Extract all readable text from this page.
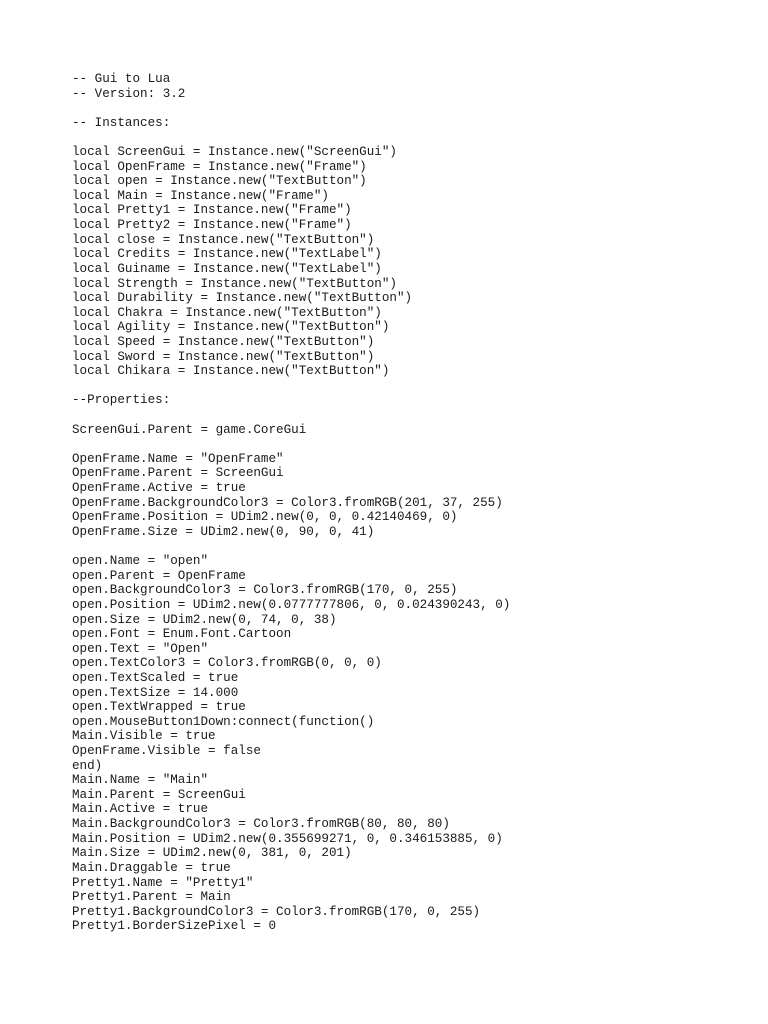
-- Gui to Lua
-- Version: 3.2
-- Instances:
local ScreenGui = Instance.new("ScreenGui")
local OpenFrame = Instance.new("Frame")
local open = Instance.new("TextButton")
local Main = Instance.new("Frame")
local Pretty1 = Instance.new("Frame")
local Pretty2 = Instance.new("Frame")
local close = Instance.new("TextButton")
local Credits = Instance.new("TextLabel")
local Guiname = Instance.new("TextLabel")
local Strength = Instance.new("TextButton")
local Durability = Instance.new("TextButton")
local Chakra = Instance.new("TextButton")
local Agility = Instance.new("TextButton")
local Speed = Instance.new("TextButton")
local Sword = Instance.new("TextButton")
local Chikara = Instance.new("TextButton")
--Properties:
ScreenGui.Parent = game.CoreGui
OpenFrame.Name = "OpenFrame"
OpenFrame.Parent = ScreenGui
OpenFrame.Active = true
OpenFrame.BackgroundColor3 = Color3.fromRGB(201, 37, 255)
OpenFrame.Position = UDim2.new(0, 0, 0.42140469, 0)
OpenFrame.Size = UDim2.new(0, 90, 0, 41)
open.Name = "open"
open.Parent = OpenFrame
open.BackgroundColor3 = Color3.fromRGB(170, 0, 255)
open.Position = UDim2.new(0.0777777806, 0, 0.024390243, 0)
open.Size = UDim2.new(0, 74, 0, 38)
open.Font = Enum.Font.Cartoon
open.Text = "Open"
open.TextColor3 = Color3.fromRGB(0, 0, 0)
open.TextScaled = true
open.TextSize = 14.000
open.TextWrapped = true
open.MouseButton1Down:connect(function()
Main.Visible = true
OpenFrame.Visible = false
end)
Main.Name = "Main"
Main.Parent = ScreenGui
Main.Active = true
Main.BackgroundColor3 = Color3.fromRGB(80, 80, 80)
Main.Position = UDim2.new(0.355699271, 0, 0.346153885, 0)
Main.Size = UDim2.new(0, 381, 0, 201)
Main.Draggable = true
Pretty1.Name = "Pretty1"
Pretty1.Parent = Main
Pretty1.BackgroundColor3 = Color3.fromRGB(170, 0, 255)
Pretty1.BorderSizePixel = 0
